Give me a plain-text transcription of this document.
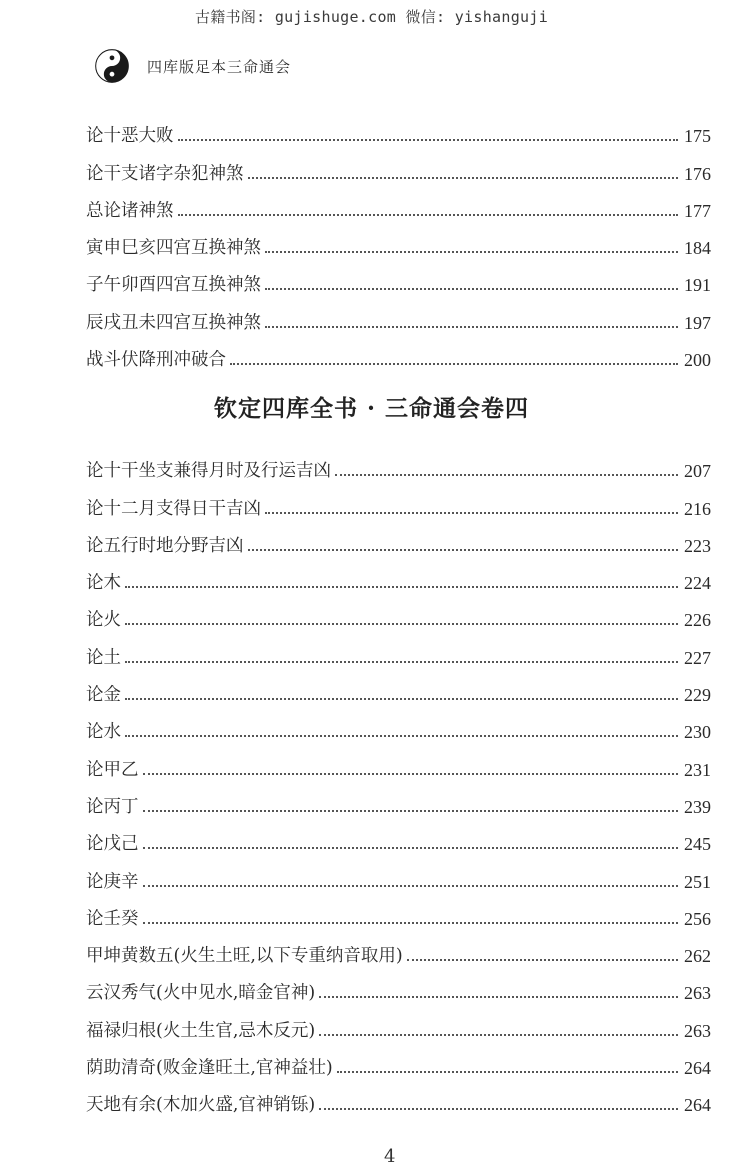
古籍书阁: gujishuge.com 微信: yishanguji
四库版足本三命通会
论十恶大败	175
论干支诸字杂犯神煞	176
总论诸神煞	177
寅申巳亥四宫互换神煞	184
子午卯酉四宫互换神煞	191
辰戌丑未四宫互换神煞	197
战斗伏降刑冲破合	200
钦定四库全书 · 三命通会卷四
论十干坐支兼得月时及行运吉凶	207
论十二月支得日干吉凶	216
论五行时地分野吉凶	223
论木	224
论火	226
论土	227
论金	229
论水	230
论甲乙	231
论丙丁	239
论戊己	245
论庚辛	251
论壬癸	256
甲坤黄数五(火生土旺,以下专重纳音取用)	262
云汉秀气(火中见水,暗金官神)	263
福禄归根(火土生官,忌木反元)	263
荫助清奇(败金逢旺土,官神益壮)	264
天地有余(木加火盛,官神销铄)	264
4
